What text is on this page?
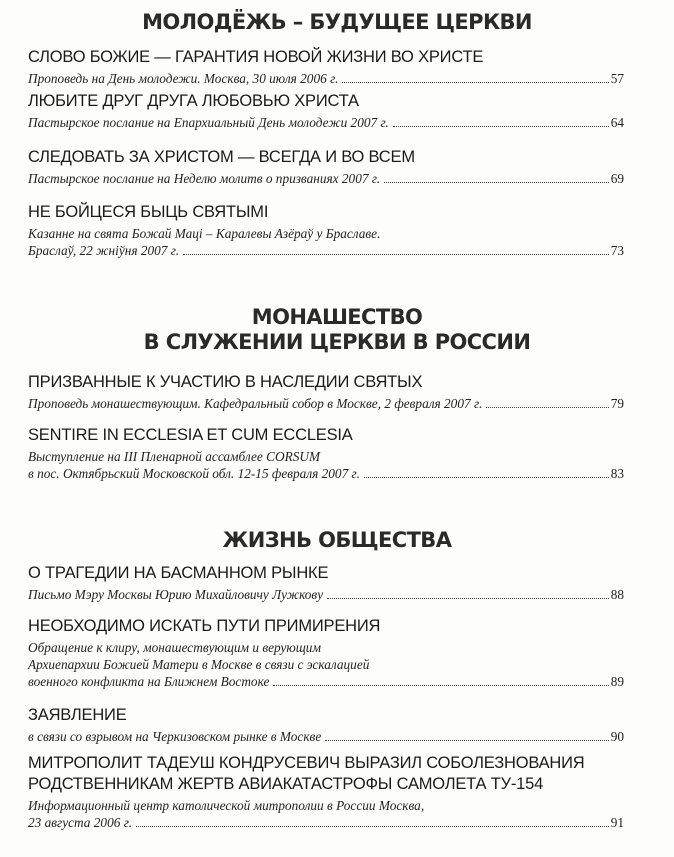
МОЛОДЁЖЬ – БУДУЩЕЕ ЦЕРКВИ
СЛОВО БОЖИЕ — ГАРАНТИЯ НОВОЙ ЖИЗНИ ВО ХРИСТЕ
Проповедь на День молодежи. Москва, 30 июля 2006 г.	57
ЛЮБИТЕ ДРУГ ДРУГА ЛЮБОВЬЮ ХРИСТА
Пастырское послание на Епархиальный День молодежи 2007 г.	64
СЛЕДОВАТЬ ЗА ХРИСТОМ — ВСЕГДА И ВО ВСЕМ
Пастырское послание на Неделю молитв о призваниях 2007 г.	69
НЕ БОЙЦЕСЯ БЫЦЬ СВЯТЫМІ
Казанне на свята Божай Маці – Каралевы Азёраў у Браславе.
Браслаў, 22 жніўня 2007 г.	73
МОНАШЕСТВО
В СЛУЖЕНИИ ЦЕРКВИ В РОССИИ
ПРИЗВАННЫЕ К УЧАСТИЮ В НАСЛЕДИИ СВЯТЫХ
Проповедь монашествующим. Кафедральный собор в Москве, 2 февраля 2007 г.	79
SENTIRE IN ECCLESIA ET CUM ECCLESIA
Выступление на III Пленарной ассамблее CORSUM
в пос. Октябрьский Московской обл. 12-15 февраля 2007 г.	83
ЖИЗНЬ ОБЩЕСТВА
О ТРАГЕДИИ НА БАСМАННОМ РЫНКЕ
Письмо Мэру Москвы Юрию Михайловичу Лужкову	88
НЕОБХОДИМО ИСКАТЬ ПУТИ ПРИМИРЕНИЯ
Обращение к клиру, монашествующим и верующим
Архиепархии Божией Матери в Москве в связи с эскалацией
военного конфликта на Ближнем Востоке	89
ЗАЯВЛЕНИЕ
в связи со взрывом на Черкизовском рынке в Москве	90
МИТРОПОЛИТ ТАДЕУШ КОНДРУСЕВИЧ ВЫРАЗИЛ СОБОЛЕЗНОВАНИЯ
РОДСТВЕННИКАМ ЖЕРТВ АВИАКАТАСТРОФЫ САМОЛЕТА ТУ-154
Информационный центр католической митрополии в России Москва,
23 августа 2006 г.	91
